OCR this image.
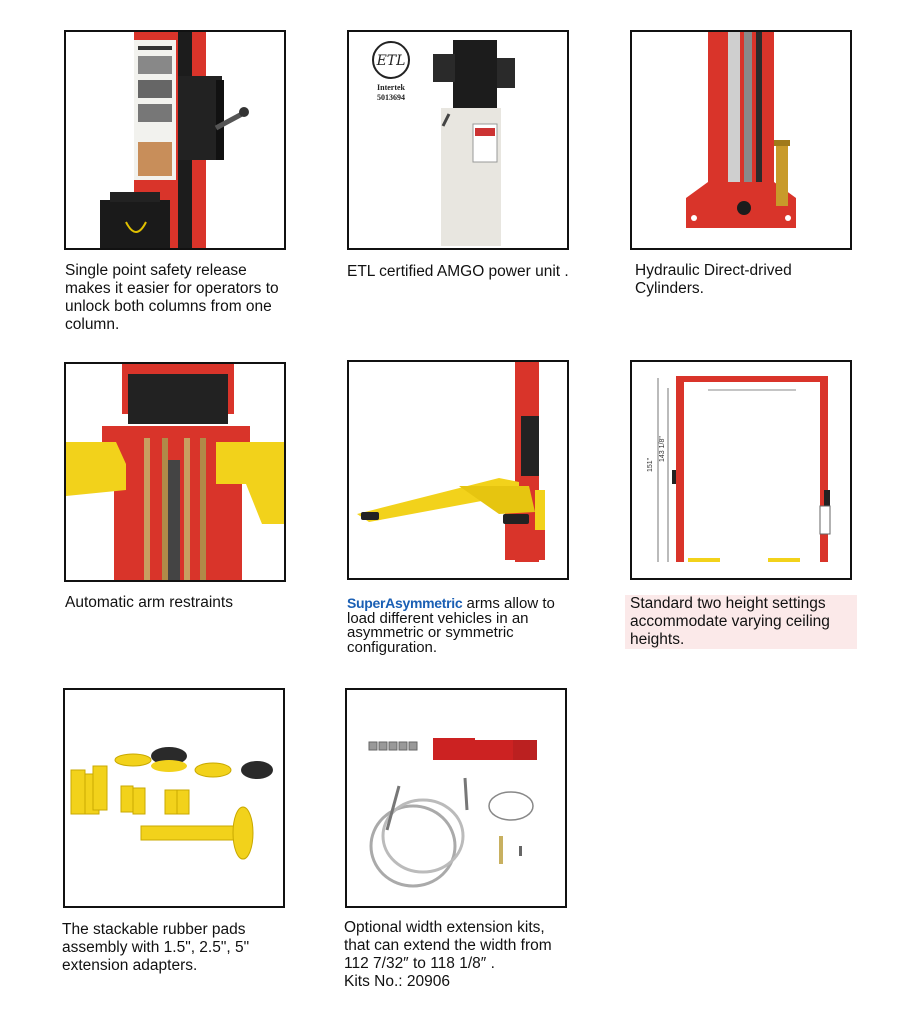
Single point safety release makes it easier for operators to unlock both columns from one column.
ETL
Intertek
5013694
ETL certified AMGO power unit .	Hydraulic Direct-drived Cylinders.
Automatic arm restraints	SuperAsymmetric arms allow to load different vehicles in an asymmetric or symmetric configuration.
151"
143 1/8"
Standard two height settings accommodate varying ceiling heights.
The stackable rubber pads assembly with 1.5", 2.5", 5" extension adapters.
Optional width extension kits,
that can extend the width from
112 7/32″ to 118 1/8″ .
Kits No.: 20906
